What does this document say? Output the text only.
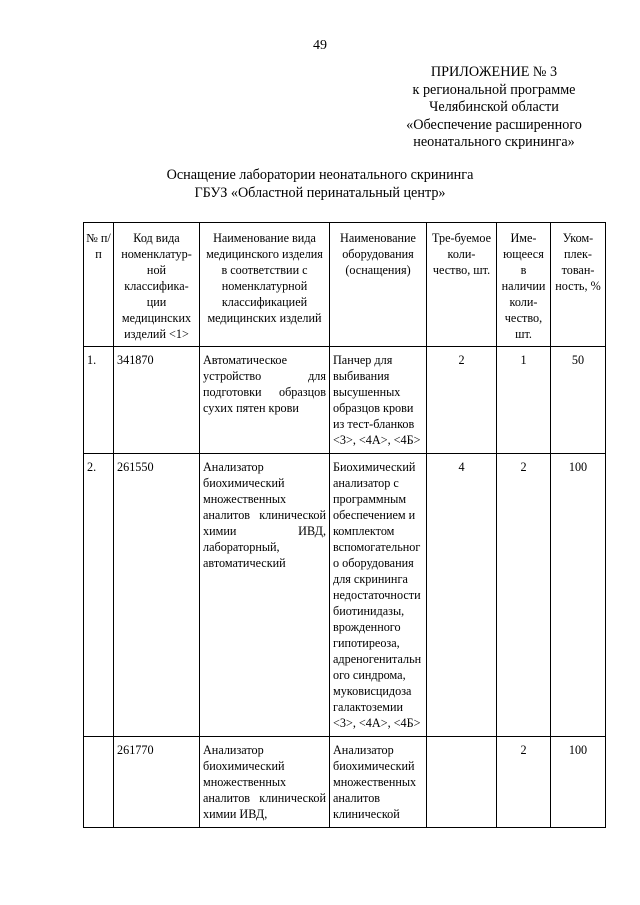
49
ПРИЛОЖЕНИЕ № 3
к региональной программе
Челябинской области
«Обеспечение расширенного
неонатального скрининга»
Оснащение лаборатории неонатального скрининга
ГБУЗ «Областной перинатальный центр»
№ п/п	Код вида номенклатур-ной классифика-ции медицинских изделий <1>	Наименование вида медицинского изделия в соответствии с номенклатурной классификацией медицинских изделий	Наименование оборудования (оснащения)	Тре-буемое коли-чество, шт.	Име-ющееся в наличии коли-чество, шт.	Уком-плек-тован-ность, %
1.	341870	Автоматическое устройство для подготовки образцов сухих пятен крови	Панчер для выбивания высушенных образцов крови из тест-бланков <3>, <4А>, <4Б>	2	1	50
2.	261550	Анализатор биохимический множественных аналитов клинической химии ИВД, лабораторный, автоматический	Биохимический анализатор с программным обеспечением и комплектом вспомогательног о оборудования для скрининга недостаточности биотинидазы, врожденного гипотиреоза, адреногенитальн ого синдрома, муковисцидоза галактоземии <3>, <4А>, <4Б>	4	2	100
	261770	Анализатор биохимический множественных аналитов клинической химии ИВД,	Анализатор биохимический множественных аналитов клинической		2	100
